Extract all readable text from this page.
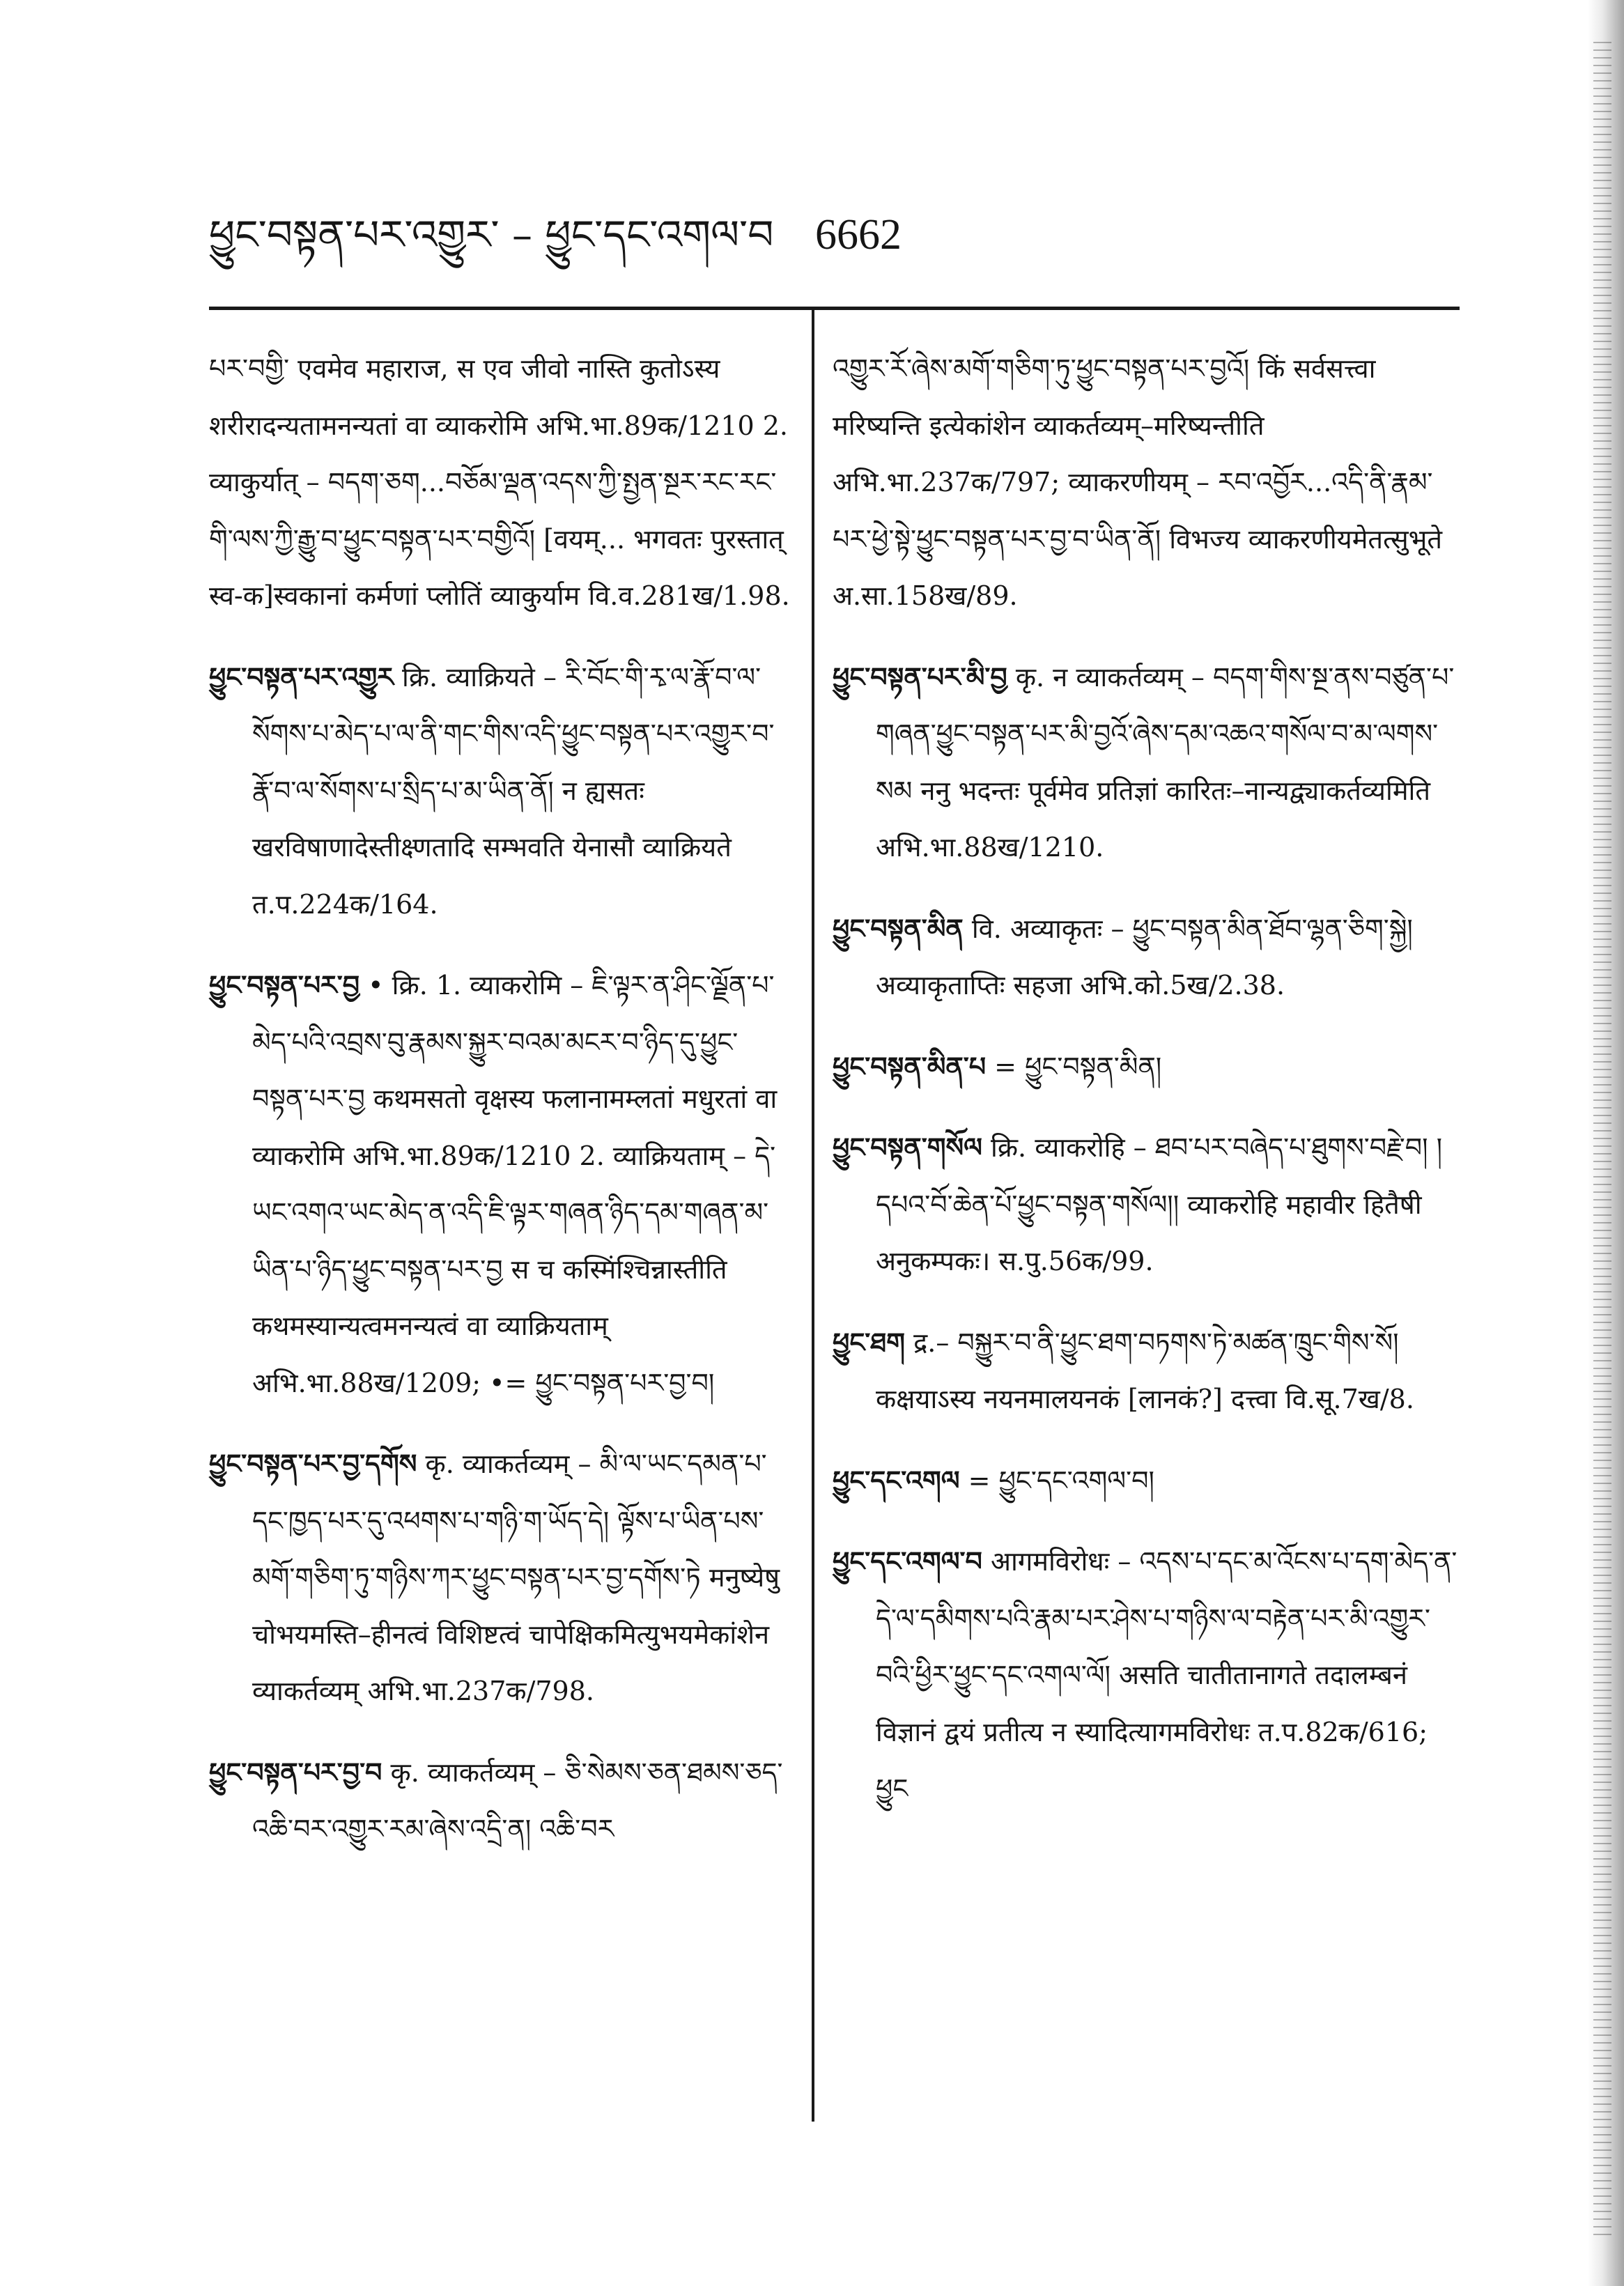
ཕྱུང་བསྟན་པར་འགྱུར་ – ཕྱུང་དང་འགལ་བ 6662

པར་བགྱི་ एवमेव महाराज, स एव जीवो नास्ति कुतोऽस्य शरीरादन्यतामनन्यतां वा व्याकरोमि अभि.भा.89क/1210 2. व्याकुर्यात् – བདག་ཅག...བཅོམ་ལྡན་འདས་ཀྱི་སྤྱན་སྔར་རང་རང་གི་ལས་ཀྱི་རྒྱུ་བ་ཕྱུང་བསྟན་པར་བགྱིའོ། [वयम्... भगवतः पुरस्तात् स्व-क]स्वकानां कर्मणां प्लोतिं व्याकुर्याम वि.व.281ख/1.98.

ཕྱུང་བསྟན་པར་འགྱུར क्रि. व्याक्रियते – རི་བོང་གི་རྭ་ལ་རྣོ་བ་ལ་སོགས་པ་མེད་པ་ལ་ནི་གང་གིས་འདི་ཕྱུང་བསྟན་པར་འགྱུར་བ་རྣོ་བ་ལ་སོགས་པ་སྲིད་པ་མ་ཡིན་ནོ། न ह्यसतः खरविषाणादेस्तीक्ष्णतादि सम्भवति येनासौ व्याक्रियते त.प.224क/164.

ཕྱུང་བསྟན་པར་བྱ • क्रि. 1. व्याकरोमि – ཇི་ལྟར་ན་ཤིང་ལྗོན་པ་མེད་པའི་འབྲས་བུ་རྣམས་སྐྱུར་བའམ་མངར་བ་ཉིད་དུ་ཕྱུང་བསྟན་པར་བྱ कथमसतो वृक्षस्य फलानामम्लतां मधुरतां वा व्याकरोमि अभि.भा.89क/1210 2. व्याक्रियताम् – དེ་ཡང་འགའ་ཡང་མེད་ན་འདི་ཇི་ལྟར་གཞན་ཉིད་དམ་གཞན་མ་ཡིན་པ་ཉིད་ཕྱུང་བསྟན་པར་བྱ स च कस्मिंश्चिन्नास्तीति कथमस्यान्यत्वमनन्यत्वं वा व्याक्रियताम् अभि.भा.88ख/1209; •= ཕྱུང་བསྟན་པར་བྱ་བ།

ཕྱུང་བསྟན་པར་བྱ་དགོས कृ. व्याकर्तव्यम् – མི་ལ་ཡང་དམན་པ་དང་ཁྱད་པར་དུ་འཕགས་པ་གཉི་ག་ཡོད་དེ། ལྟོས་པ་ཡིན་པས་མགོ་གཅིག་ཏུ་གཉིས་ཀར་ཕྱུང་བསྟན་པར་བྱ་དགོས་ཏེ मनुष्येषु चोभयमस्ति–हीनत्वं विशिष्टत्वं चापेक्षिकमित्युभयमेकांशेन व्याकर्तव्यम् अभि.भा.237क/798.

ཕྱུང་བསྟན་པར་བྱ་བ कृ. व्याकर्तव्यम् – ཅི་སེམས་ཅན་ཐམས་ཅད་འཆི་བར་འགྱུར་རམ་ཞེས་འདྲི་ན། འཆི་བར

འགྱུར་རོ་ཞེས་མགོ་གཅིག་ཏུ་ཕྱུང་བསྟན་པར་བྱའོ། किं सर्वसत्त्वा मरिष्यन्ति इत्येकांशेन व्याकर्तव्यम्–मरिष्यन्तीति अभि.भा.237क/797; व्याकरणीयम् – རབ་འབྱོར...འདི་ནི་རྣམ་པར་ཕྱེ་སྟེ་ཕྱུང་བསྟན་པར་བྱ་བ་ཡིན་ནོ། विभज्य व्याकरणीयमेतत्सुभूते अ.सा.158ख/89.

ཕྱུང་བསྟན་པར་མི་བྱ कृ. न व्याकर्तव्यम् – བདག་གིས་སྔ་ནས་བཙུན་པ་གཞན་ཕྱུང་བསྟན་པར་མི་བྱའོ་ཞེས་དམ་འཆའ་གསོལ་བ་མ་ལགས་སམ ननु भदन्तः पूर्वमेव प्रतिज्ञां कारितः–नान्यद्व्याकर्तव्यमिति अभि.भा.88ख/1210.

ཕྱུང་བསྟན་མིན वि. अव्याकृतः – ཕྱུང་བསྟན་མིན་ཐོབ་ལྷན་ཅིག་སྐྱེ། अव्याकृताप्तिः सहजा अभि.को.5ख/2.38.

ཕྱུང་བསྟན་མིན་པ = ཕྱུང་བསྟན་མིན།

ཕྱུང་བསྟན་གསོལ क्रि. व्याकरोहि – ཐབ་པར་བཞེད་པ་ཐུགས་བརྗེ་བ། །དཔའ་བོ་ཆེན་པོ་ཕྱུང་བསྟན་གསོལ།། व्याकरोहि महावीर हितैषी अनुकम्पकः। स.पु.56क/99.

ཕྱུང་ཐག द्र.– བསྐྱུར་བ་ནི་ཕྱུང་ཐག་བཏགས་ཏེ་མཚན་ཁྲུང་གིས་སོ། कक्षयाऽस्य नयनमालयनकं [लानकं?] दत्त्वा वि.सू.7ख/8.

ཕྱུང་དང་འགལ = ཕྱུང་དང་འགལ་བ།

ཕྱུང་དང་འགལ་བ आगमविरोधः – འདས་པ་དང་མ་འོངས་པ་དག་མེད་ན་དེ་ལ་དམིགས་པའི་རྣམ་པར་ཤེས་པ་གཉིས་ལ་བརྟེན་པར་མི་འགྱུར་བའི་ཕྱིར་ཕྱུང་དང་འགལ་ལོ། असति चातीतानागते तदालम्बनं विज्ञानं द्वयं प्रतीत्य न स्यादित्यागमविरोधः त.प.82क/616; ཕྱུང
